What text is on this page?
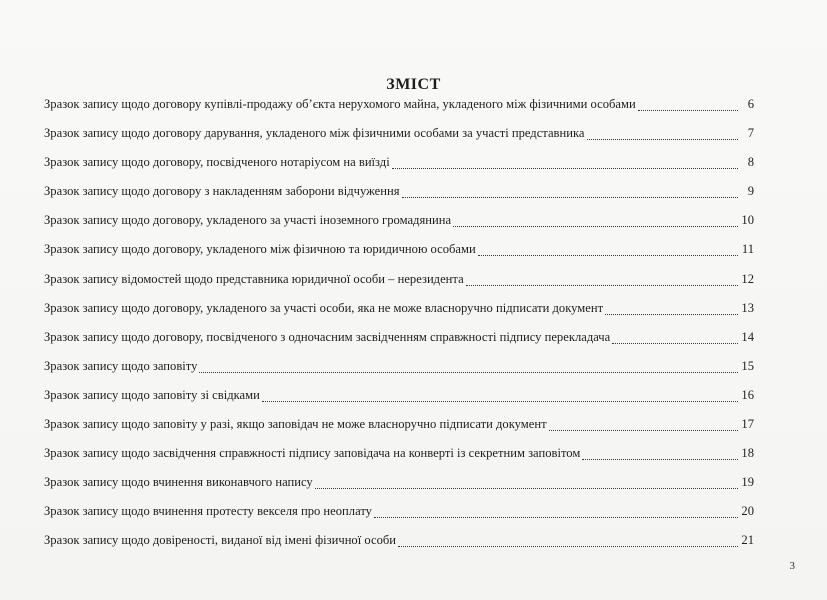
ЗМІСТ
Зразок запису щодо договору купівлі-продажу об’єкта нерухомого майна, укладеного між фізичними особами	6
Зразок запису щодо договору дарування, укладеного між фізичними особами за участі представника	7
Зразок запису щодо договору, посвідченого нотаріусом на виїзді	8
Зразок запису щодо договору з накладенням заборони відчуження	9
Зразок запису щодо договору, укладеного за участі іноземного громадянина	10
Зразок запису щодо договору, укладеного між фізичною та юридичною особами	11
Зразок запису відомостей щодо представника юридичної особи – нерезидента	12
Зразок запису щодо договору, укладеного за участі особи, яка не може власноручно підписати документ	13
Зразок запису щодо договору, посвідченого з одночасним засвідченням справжності підпису перекладача	14
Зразок запису щодо заповіту	15
Зразок запису щодо заповіту зі свідками	16
Зразок запису щодо заповіту у разі, якщо заповідач не може власноручно підписати документ	17
Зразок запису щодо засвідчення справжності підпису заповідача на конверті із секретним заповітом	18
Зразок запису щодо вчинення виконавчого напису	19
Зразок запису щодо вчинення протесту векселя про неоплату	20
Зразок запису щодо довіреності, виданої від імені фізичної особи	21
3
